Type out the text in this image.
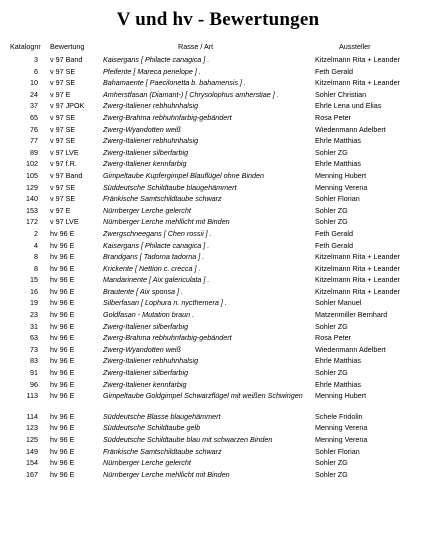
V und hv - Bewertungen
Katalognr Bewertung	Rasse / Art	Aussteller
3 v 97 Band	Kaisergans [ Philacte canagica ] .	Kitzelmann Rita + Leander
6 v 97 SE	Pfeifente [ Mareca penelope ] .	Feth Gerald
10 v 97 SE	Bahamaente [ Paecilonetta b. bahamensis ] .	Kitzelmann Rita + Leander
24 v 97 E	Amherstfasan (Diamant-) [ Chrysolophus amherstiae ] .	Sohler Christian
37 v 97 JPOK	Zwerg-Italiener rebhuhnhalsig	Ehrle Lena und Elias
65 v 97 SE	Zwerg-Brahma rebhuhnfarbig-gebändert	Rosa Peter
76 v 97 SE	Zwerg-Wyandotten weiß	Wiedenmann Adelbert
77 v 97 SE	Zwerg-Italiener rebhuhnhalsig	Ehrle Matthias
89 v 97 LVE	Zwerg-Italiener silberfarbig	Sohler ZG
102 v 97 f.R.	Zwerg-Italiener kennfarbig	Ehrle Matthias
105 v 97 Band	Gimpeltaube Kupfergimpel Blauflügel ohne Binden	Menning Hubert
129 v 97 SE	Süddeutsche Schildtaube blaugehämmert	Menning Verena
140 v 97 SE	Fränkische Samtschildtaube schwarz	Sohler Florian
153 v 97 E	Nürnberger Lerche gelercht	Sohler ZG
172 v 97 LVE	Nürnberger Lerche mehllicht mit Binden	Sohler ZG
2 hv 96 E	Zwergschneegans [ Chen rossii ] .	Feth Gerald
4 hv 96 E	Kaisergans [ Philacte canagica ] .	Feth Gerald
8 hv 96 E	Brandgans [ Tadorna tadorna ] .	Kitzelmann Rita + Leander
8 hv 96 E	Krickente [ Nettion c. crecca ] .	Kitzelmann Rita + Leander
15 hv 96 E	Mandarinente [ Aix galericulata ] .	Kitzelmann Rita + Leander
16 hv 96 E	Brautente [ Aix sponsa ] .	Kitzelmann Rita + Leander
19 hv 96 E	Silberfasan [ Lophura n. nycthemera ] .	Sohler Manuel
23 hv 96 E	Goldfasan - Mutation braun .	Matzenmiller Bernhard
31 hv 96 E	Zwerg-Italiener silberfarbig	Sohler ZG
63 hv 96 E	Zwerg-Brahma rebhuhnfarbig-gebändert	Rosa Peter
73 hv 96 E	Zwerg-Wyandotten weiß	Wiedenmann Adelbert
83 hv 96 E	Zwerg-Italiener rebhuhnhalsig	Ehrle Matthias
91 hv 96 E	Zwerg-Italiener silberfarbig	Sohler ZG
96 hv 96 E	Zwerg-Italiener kennfarbig	Ehrle Matthias
113 hv 96 E	Gimpeltaube Goldgimpel Schwarzflügel mit weißen Schwingen	Menning Hubert
114 hv 96 E	Süddeutsche Blasse blaugehämmert	Schele Fridolin
123 hv 96 E	Süddeutsche Schildtaube gelb	Menning Verena
125 hv 96 E	Süddeutsche Schildtaube blau mit schwarzen Binden	Menning Verena
149 hv 96 E	Fränkische Samtschildtaube schwarz	Sohler Florian
154 hv 96 E	Nürnberger Lerche gelercht	Sohler ZG
167 hv 96 E	Nürnberger Lerche mehllicht mit Binden	Sohler ZG
